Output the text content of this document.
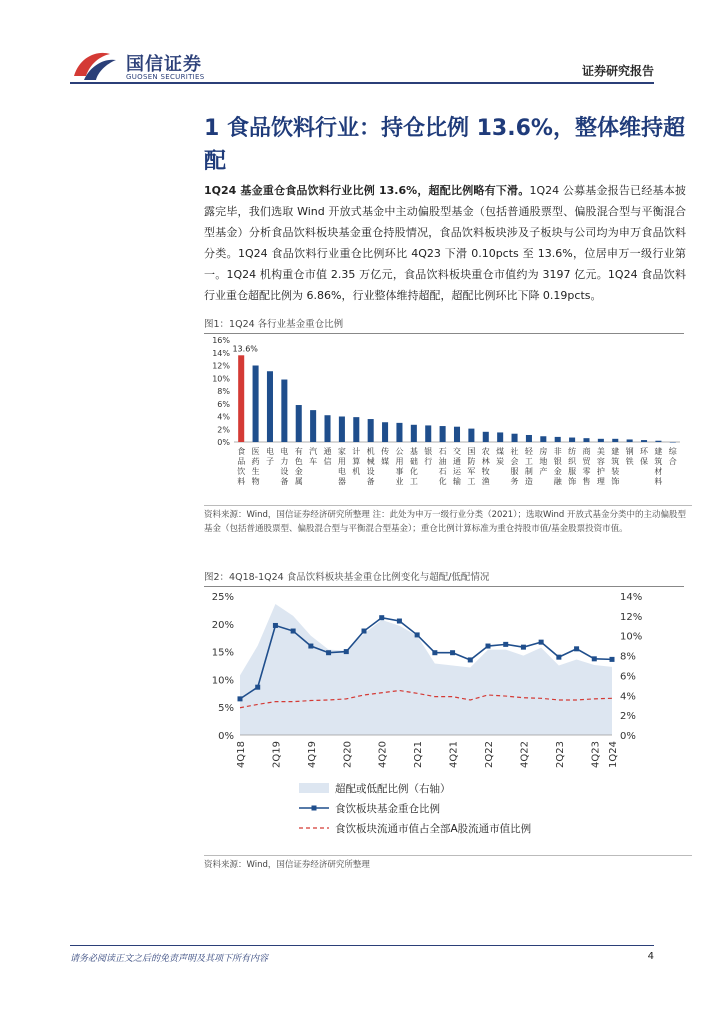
国信证券
GUOSEN SECURITIES	证券研究报告
1 食品饮料行业：持仓比例 13.6%，整体维持超配
1Q24 基金重仓食品饮料行业比例 13.6%，超配比例略有下滑。1Q24 公募基金报告已经基本披露完毕，我们选取 Wind 开放式基金中主动偏股型基金（包括普通股票型、偏股混合型与平衡混合型基金）分析食品饮料板块基金重仓持股情况，食品饮料板块涉及子板块与公司均为申万食品饮料分类。1Q24 食品饮料行业重仓比例环比 4Q23 下滑 0.10pcts 至 13.6%，位居申万一级行业第一。1Q24 机构重仓市值 2.35 万亿元，食品饮料板块重仓市值约为 3197 亿元。1Q24 食品饮料行业重仓超配比例为 6.86%，行业整体维持超配，超配比例环比下降 0.19pcts。
图1：1Q24 各行业基金重仓比例
0%
2%
4%
6%
8%
10%
12%
14%
16%
食品饮料
医药生物
电子
电力设备
有色金属
汽车
通信
家用电器
计算机
机械设备
传媒
公用事业
基础化工
银行
石油石化
交通运输
国防军工
农林牧渔
煤炭
社会服务
轻工制造
房地产
非银金融
纺织服饰
商贸零售
美容护理
建筑装饰
钢铁
环保
建筑材料
综合
13.6%
资料来源：Wind，国信证券经济研究所整理 注：此处为申万一级行业分类（2021）；选取Wind 开放式基金分类中的主动偏股型基金（包括普通股票型、偏股混合型与平衡混合型基金）；重仓比例计算标准为重仓持股市值/基金股票投资市值。
图2：4Q18-1Q24 食品饮料板块基金重仓比例变化与超配/低配情况
0%
5%
10%
15%
20%
25%
0%
2%
4%
6%
8%
10%
12%
14%
4Q18 2Q19 4Q19 2Q20 4Q20 2Q21 4Q21 2Q22 4Q22 2Q23 4Q23 1Q24
超配或低配比例（右轴）
食饮板块基金重仓比例
食饮板块流通市值占全部A股流通市值比例
资料来源：Wind，国信证券经济研究所整理
请务必阅读正文之后的免责声明及其项下所有内容	4
